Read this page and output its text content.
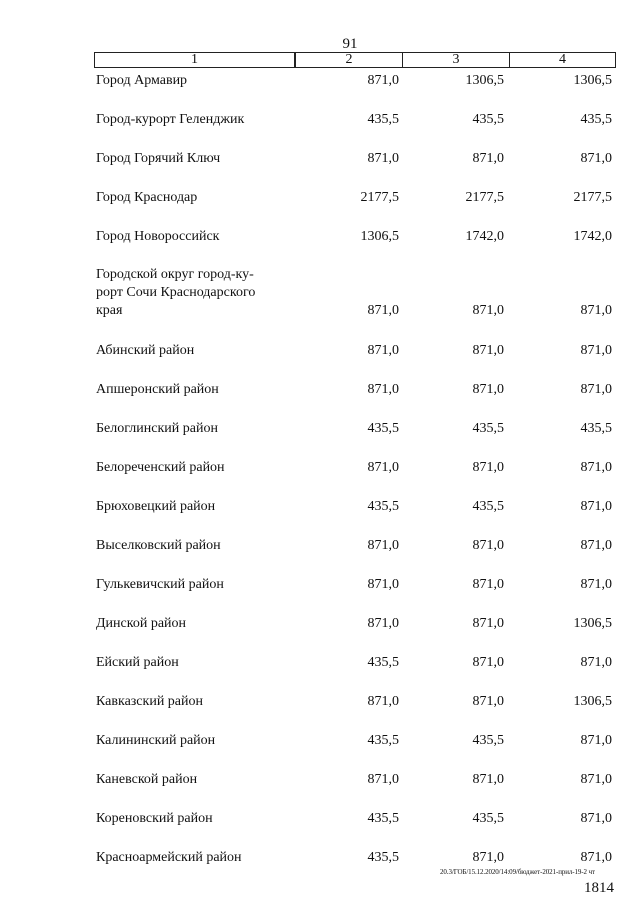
91
1	2	3	4
Город Армавир	871,0	1306,5	1306,5
Город-курорт Геленджик	435,5	435,5	435,5
Город Горячий Ключ	871,0	871,0	871,0
Город Краснодар	2177,5	2177,5	2177,5
Город Новороссийск	1306,5	1742,0	1742,0
Городской округ город-ку-
рорт Сочи Краснодарского
края	871,0	871,0	871,0
Абинский район	871,0	871,0	871,0
Апшеронский район	871,0	871,0	871,0
Белоглинский район	435,5	435,5	435,5
Белореченский район	871,0	871,0	871,0
Брюховецкий район	435,5	435,5	871,0
Выселковский район	871,0	871,0	871,0
Гулькевичский район	871,0	871,0	871,0
Динской район	871,0	871,0	1306,5
Ейский район	435,5	871,0	871,0
Кавказский район	871,0	871,0	1306,5
Калининский район	435,5	435,5	871,0
Каневской район	871,0	871,0	871,0
Кореновский район	435,5	435,5	871,0
Красноармейский район	435,5	871,0	871,0
20.3/ГОБ/15.12.2020/14:09/бюджет-2021-прил-19-2 чт
1814
